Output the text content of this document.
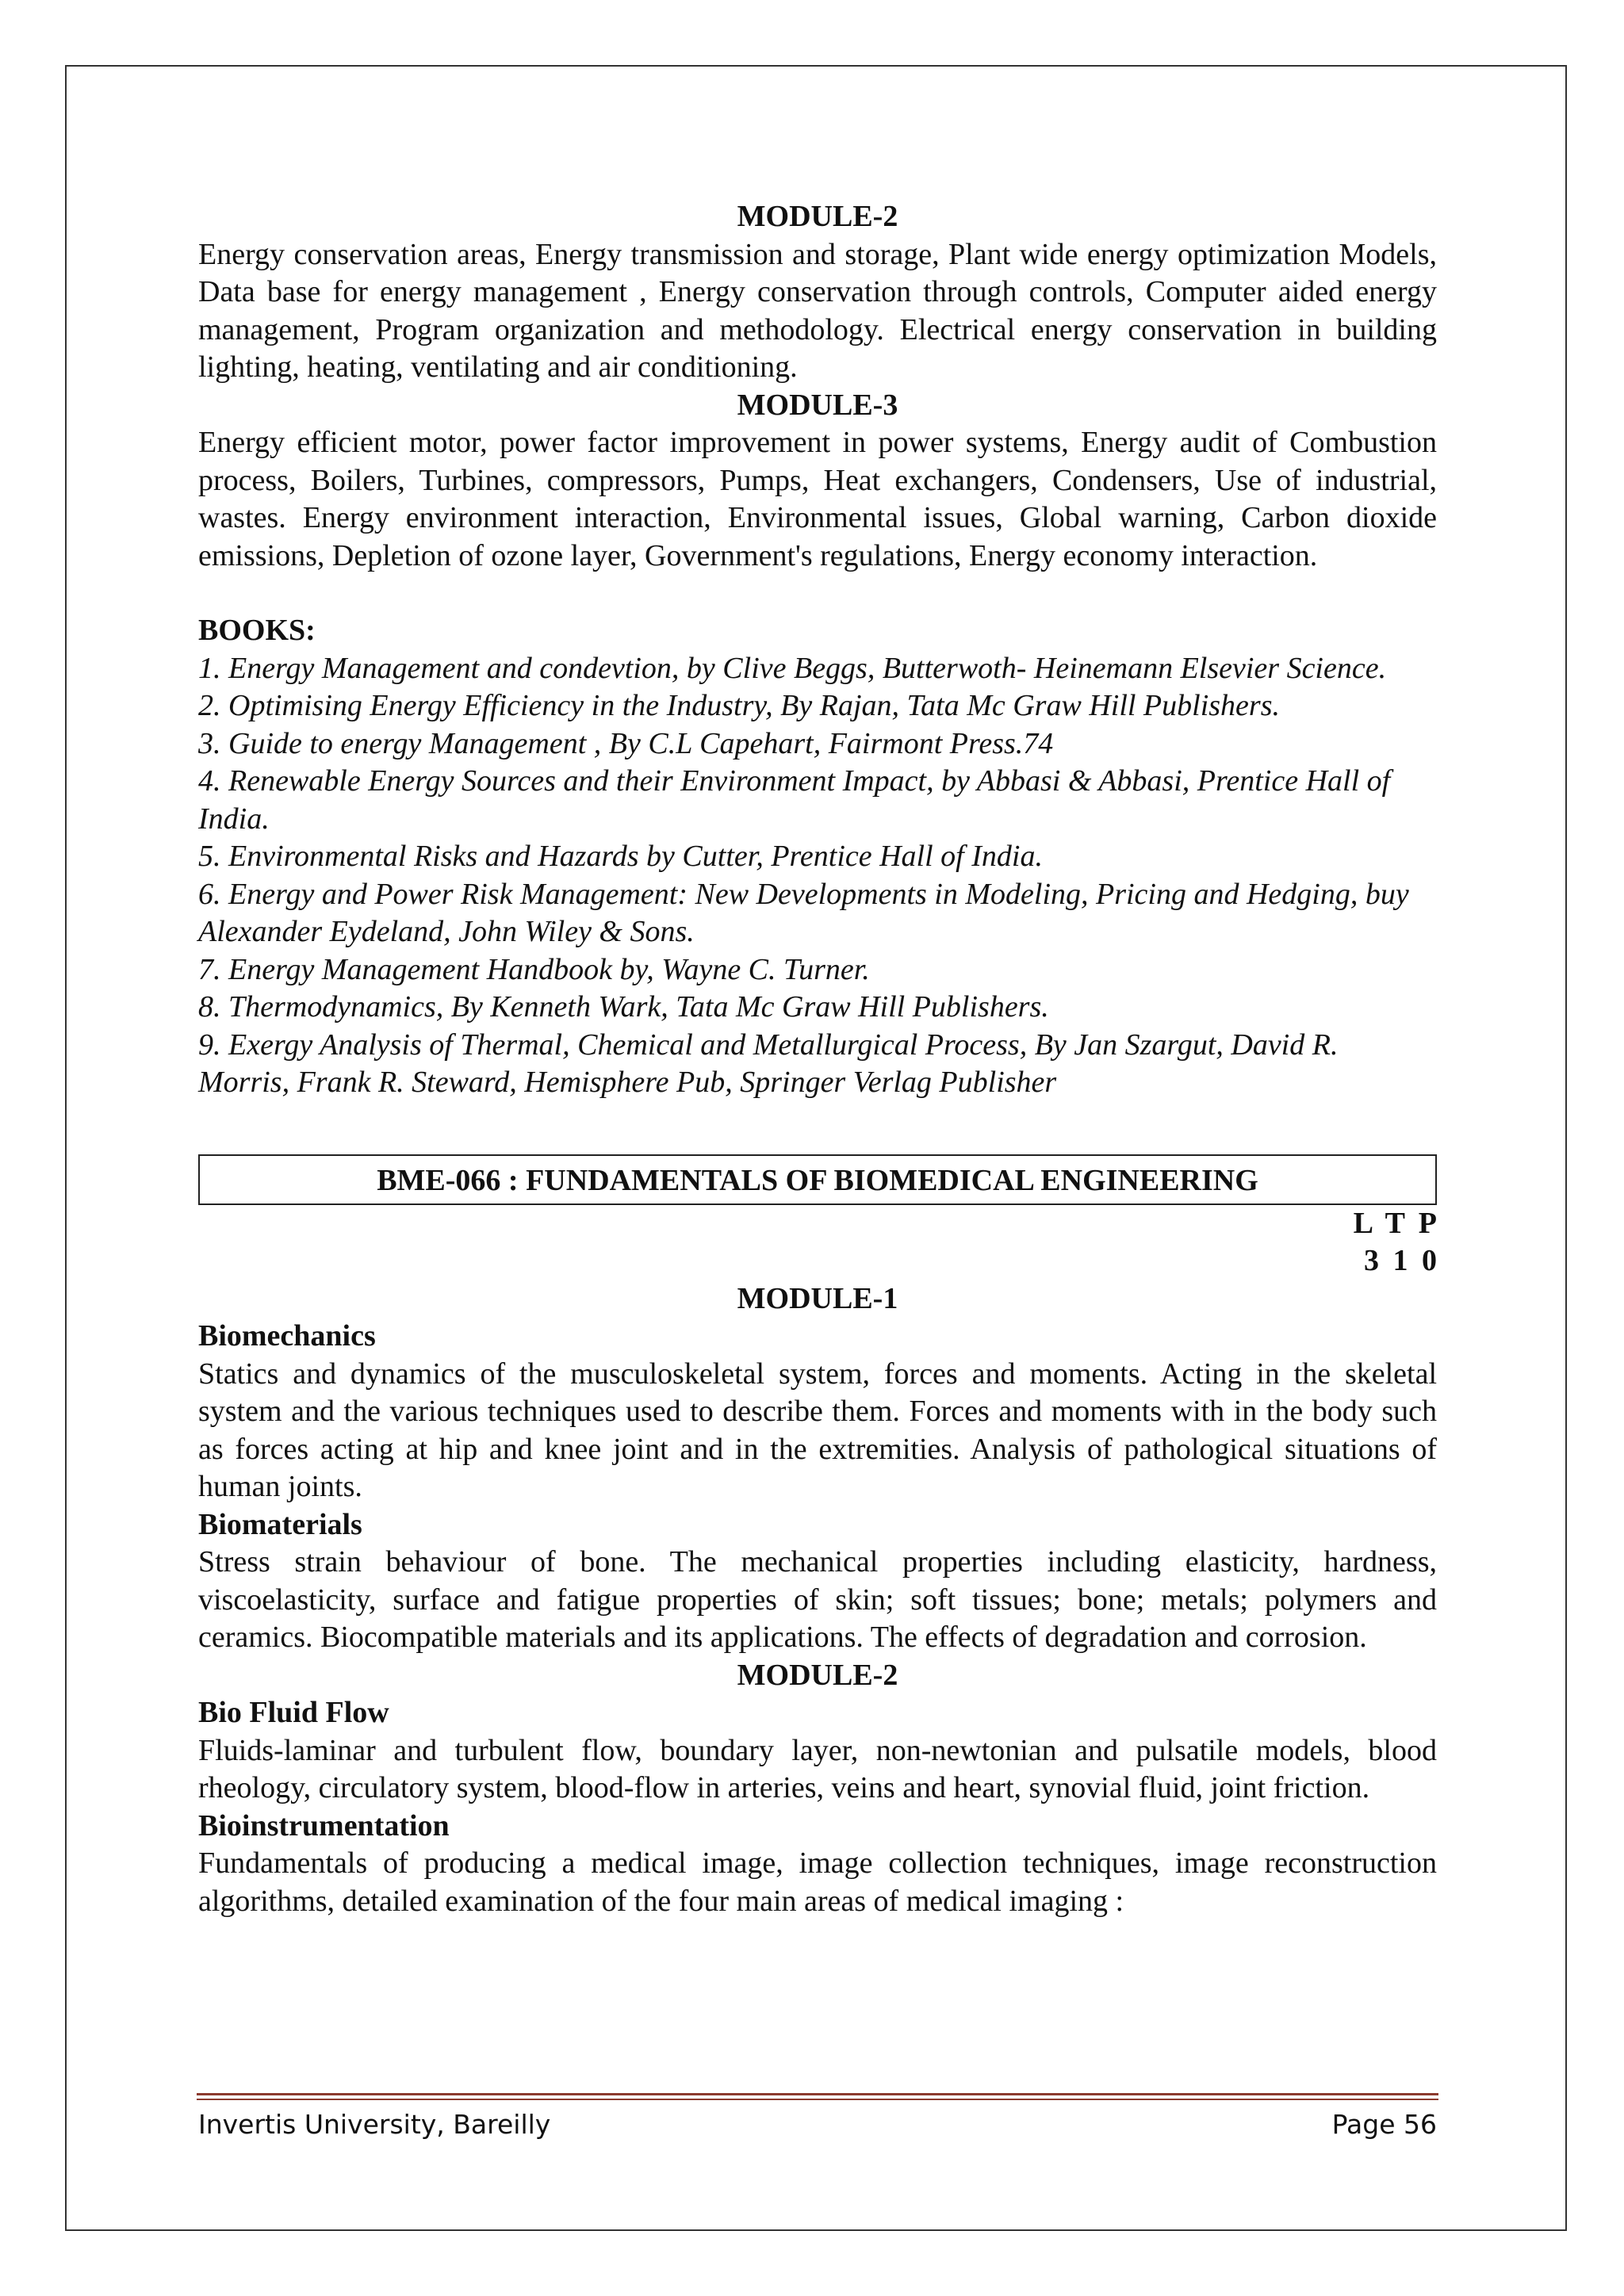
MODULE-2
Energy conservation areas, Energy transmission and storage, Plant wide energy optimization Models, Data base for energy management , Energy conservation through controls, Computer aided energy management, Program organization and methodology. Electrical energy conservation in building lighting, heating, ventilating and air conditioning.
MODULE-3
Energy efficient motor, power factor improvement in power systems, Energy audit of Combustion process, Boilers, Turbines, compressors, Pumps, Heat exchangers, Condensers, Use of industrial, wastes. Energy environment interaction, Environmental issues, Global warning, Carbon dioxide emissions, Depletion of ozone layer, Government's regulations, Energy economy interaction.
BOOKS:
1. Energy Management and condevtion, by Clive Beggs, Butterwoth- Heinemann Elsevier Science.
2. Optimising Energy Efficiency in the Industry, By Rajan, Tata Mc Graw Hill Publishers.
3. Guide to energy Management , By C.L Capehart, Fairmont Press.74
4. Renewable Energy Sources and their Environment Impact, by Abbasi & Abbasi, Prentice Hall of India.
5. Environmental Risks and Hazards by Cutter, Prentice Hall of India.
6. Energy and Power Risk Management: New Developments in Modeling, Pricing and Hedging, buy Alexander Eydeland, John Wiley & Sons.
7. Energy Management Handbook by, Wayne C. Turner.
8. Thermodynamics, By Kenneth Wark, Tata Mc Graw Hill Publishers.
9. Exergy Analysis of Thermal, Chemical and Metallurgical Process, By Jan Szargut, David R. Morris, Frank R. Steward, Hemisphere Pub, Springer Verlag Publisher
BME-066 : FUNDAMENTALS OF BIOMEDICAL ENGINEERING
L T P
3 1 0
MODULE-1
Biomechanics
Statics and dynamics of the musculoskeletal system, forces and moments. Acting in the skeletal system and the various techniques used to describe them. Forces and moments with in the body such as forces acting at hip and knee joint and in the extremities. Analysis of pathological situations of human joints.
Biomaterials
Stress strain behaviour of bone. The mechanical properties including elasticity, hardness, viscoelasticity, surface and fatigue properties of skin; soft tissues; bone; metals; polymers and ceramics. Biocompatible materials and its applications. The effects of degradation and corrosion.
MODULE-2
Bio Fluid Flow
Fluids-laminar and turbulent flow, boundary layer, non-newtonian and pulsatile models, blood rheology, circulatory system, blood-flow in arteries, veins and heart, synovial fluid, joint friction.
Bioinstrumentation
Fundamentals of producing a medical image, image collection techniques, image reconstruction algorithms, detailed examination of the four main areas of medical imaging :
Invertis University, Bareilly	Page 56
